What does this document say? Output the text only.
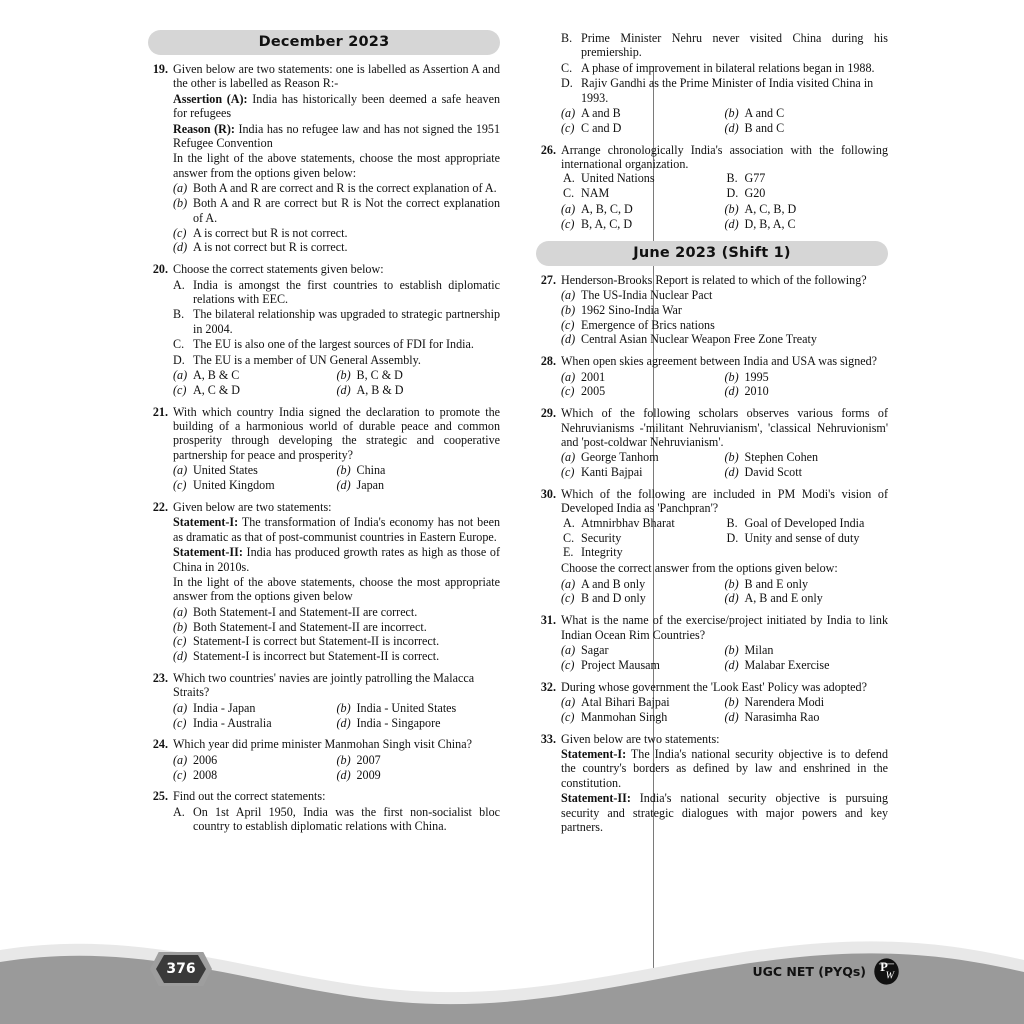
December 2023
19. Given below are two statements: one is labelled as Assertion A and the other is labelled as Reason R:-
Assertion (A): India has historically been deemed a safe heaven for refugees
Reason (R): India has no refugee law and has not signed the 1951 Refugee Convention
In the light of the above statements, choose the most appropriate answer from the options given below:
(a) Both A and R are correct and R is the correct explanation of A.
(b) Both A and R are correct but R is Not the correct explanation of A.
(c) A is correct but R is not correct.
(d) A is not correct but R is correct.
20. Choose the correct statements given below:
A. India is amongst the first countries to establish diplomatic relations with EEC.
B. The bilateral relationship was upgraded to strategic partnership in 2004.
C. The EU is also one of the largest sources of FDI for India.
D. The EU is a member of UN General Assembly.
(a) A, B & C	(b) B, C & D
(c) A, C & D	(d) A, B & D
21. With which country India signed the declaration to promote the building of a harmonious world of durable peace and common prosperity through developing the strategic and cooperative partnership for peace and prosperity?
(a) United States	(b) China
(c) United Kingdom	(d) Japan
22. Given below are two statements:
Statement-I: The transformation of India's economy has not been as dramatic as that of post-communist countries in Eastern Europe.
Statement-II: India has produced growth rates as high as those of China in 2010s.
In the light of the above statements, choose the most appropriate answer from the options given below
(a) Both Statement-I and Statement-II are correct.
(b) Both Statement-I and Statement-II are incorrect.
(c) Statement-I is correct but Statement-II is incorrect.
(d) Statement-I is incorrect but Statement-II is correct.
23. Which two countries' navies are jointly patrolling the Malacca Straits?
(a) India - Japan	(b) India - United States
(c) India - Australia	(d) India - Singapore
24. Which year did prime minister Manmohan Singh visit China?
(a) 2006	(b) 2007
(c) 2008	(d) 2009
25. Find out the correct statements:
A. On 1st April 1950, India was the first non-socialist bloc country to establish diplomatic relations with China.
B. Prime Minister Nehru never visited China during his premiership.
C. A phase of improvement in bilateral relations began in 1988.
D. Rajiv Gandhi as the Prime Minister of India visited China in 1993.
(a) A and B	(b) A and C
(c) C and D	(d) B and C
26. Arrange chronologically India's association with the following international organization.
A. United Nations	B. G77
C. NAM	D. G20
(a) A, B, C, D	(b) A, C, B, D
(c) B, A, C, D	(d) D, B, A, C
June 2023 (Shift 1)
27. Henderson-Brooks Report is related to which of the following?
(a) The US-India Nuclear Pact
(b) 1962 Sino-India War
(c) Emergence of Brics nations
(d) Central Asian Nuclear Weapon Free Zone Treaty
28. When open skies agreement between India and USA was signed?
(a) 2001	(b) 1995
(c) 2005	(d) 2010
29. Which of the following scholars observes various forms of Nehruvianisms -'militant Nehruvianism', 'classical Nehruvionism' and 'post-coldwar Nehruvianism'.
(a) George Tanhom	(b) Stephen Cohen
(c) Kanti Bajpai	(d) David Scott
30. Which of the following are included in PM Modi's vision of Developed India as 'Panchpran'?
A. Atmnirbhav Bharat	B. Goal of Developed India
C. Security	D. Unity and sense of duty
E. Integrity
Choose the correct answer from the options given below:
(a) A and B only	(b) B and E only
(c) B and D only	(d) A, B and E only
31. What is the name of the exercise/project initiated by India to link Indian Ocean Rim Countries?
(a) Sagar	(b) Milan
(c) Project Mausam	(d) Malabar Exercise
32. During whose government the 'Look East' Policy was adopted?
(a) Atal Bihari Bajpai	(b) Narendera Modi
(c) Manmohan Singh	(d) Narasimha Rao
33. Given below are two statements:
Statement-I: The India's national security objective is to defend the country's borders as defined by law and enshrined in the constitution.
Statement-II: India's national security objective is pursuing security and strategic dialogues with major powers and key partners.
376	UGC NET (PYQs) P
W
